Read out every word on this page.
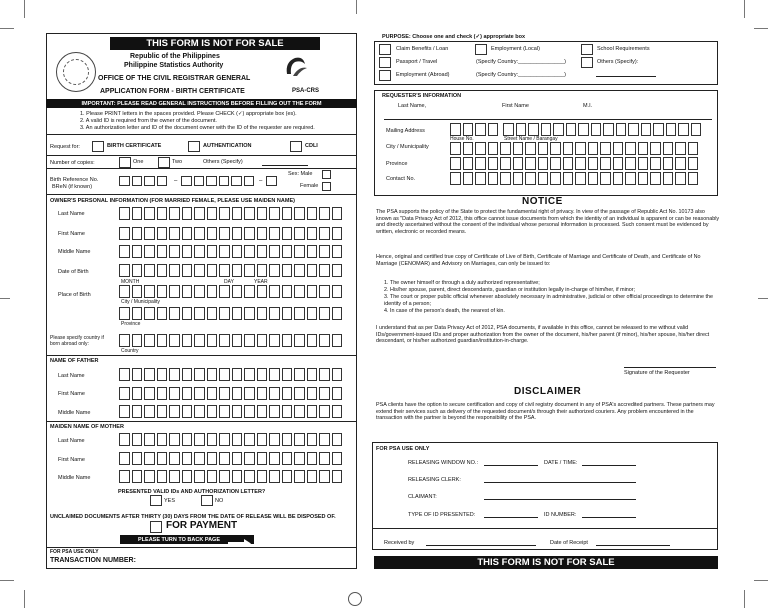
THIS FORM IS NOT FOR SALE
Republic of the Philippines
Philippine Statistics Authority
OFFICE OF THE CIVIL REGISTRAR GENERAL
APPLICATION FORM - BIRTH CERTIFICATE	PSA-CRS
IMPORTANT: PLEASE READ GENERAL INSTRUCTIONS BEFORE FILLING OUT THE FORM
1. Please PRINT letters in the spaces provided. Please CHECK (✓) appropriate box (es).
2. A valid ID is required from the owner of the document.
3. An authorization letter and ID of the document owner with the ID of the requester are required.
Request for:	BIRTH CERTIFICATE	AUTHENTICATION	CDLI
Number of copies:	One	Two	Others (Specify)
Birth Reference No.
BReN (if known)
–	–
Sex: Male
Female
OWNER'S PERSONAL INFORMATION (FOR MARRIED FEMALE, PLEASE USE MAIDEN NAME)
Last Name
First Name
Middle Name
Date of Birth
MONTH	DAY	YEAR
Place of Birth
City / Municipality
Province
Please specify country if
born abroad only:
Country
NAME OF FATHER
Last Name
First Name
Middle Name
MAIDEN NAME OF MOTHER
Last Name
First Name
Middle Name
PRESENTED VALID IDs AND AUTHORIZATION LETTER?
YES	NO
UNCLAIMED DOCUMENTS AFTER THIRTY (30) DAYS FROM THE DATE OF RELEASE WILL BE DISPOSED OF.
FOR PAYMENT
PLEASE TURN TO BACK PAGE
FOR PSA USE ONLY
TRANSACTION NUMBER:
PURPOSE: Choose one and check (✓) appropriate box
Claim Benefits / Loan	Employment (Local)	School Requirements
Passport / Travel	(Specify Country:_______________)	Others (Specify):
Employment (Abroad)	(Specify Country:_______________)
REQUESTER'S INFORMATION
Last Name,	First Name	M.I.
Mailing Address
House No.	Street Name / Barangay
City / Municipality
Province
Contact No.
NOTICE
The PSA supports the policy of the State to protect the fundamental right of privacy. In view of the passage of Republic Act No. 10173 also known as "Data Privacy Act of 2012, this office cannot issue documents from which the identity of an individual is apparent or can be reasonably and directly ascertained without the consent of the individual whose personal information is processed. Such consent must be evidenced by written, electronic or recorded means.
Hence, original and certified true copy of Certificate of Live of Birth, Certificate of Marriage and Certificate of Death, and Certificate of No Marriage (CENOMAR) and Advisory on Marriages, can only be issued to:
1. The owner himself or through a duly authorized representative;
2. His/her spouse, parent, direct descendants, guardian or institution legally in-charge of him/her, if minor;
3. The court or proper public official whenever absolutely necessary in administrative, judicial or other official proceedings to determine the identity of a person;
4. In case of the person's death, the nearest of kin.
I understand that as per Data Privacy Act of 2012, PSA documents, if available in this office, cannot be released to me without valid IDs/government-issued IDs and proper authorization from the owner of the document, his/her parent (if minor), his/her spouse, his/her direct descendant, or his/her authorized guardian/institution-in-charge.
Signature of the Requester
DISCLAIMER
PSA clients have the option to secure certification and copy of civil registry document in any of PSA's accredited partners. These partners may extend their services such as delivery of the requested document/s through their authorized couriers. Any problem encountered in the transaction with the partner is beyond the responsibility of the PSA.
FOR PSA USE ONLY
RELEASING WINDOW NO.:	DATE / TIME:
RELEASING CLERK:
CLAIMANT:
TYPE OF ID PRESENTED:	ID NUMBER:
Received by	Date of Receipt
THIS FORM IS NOT FOR SALE
